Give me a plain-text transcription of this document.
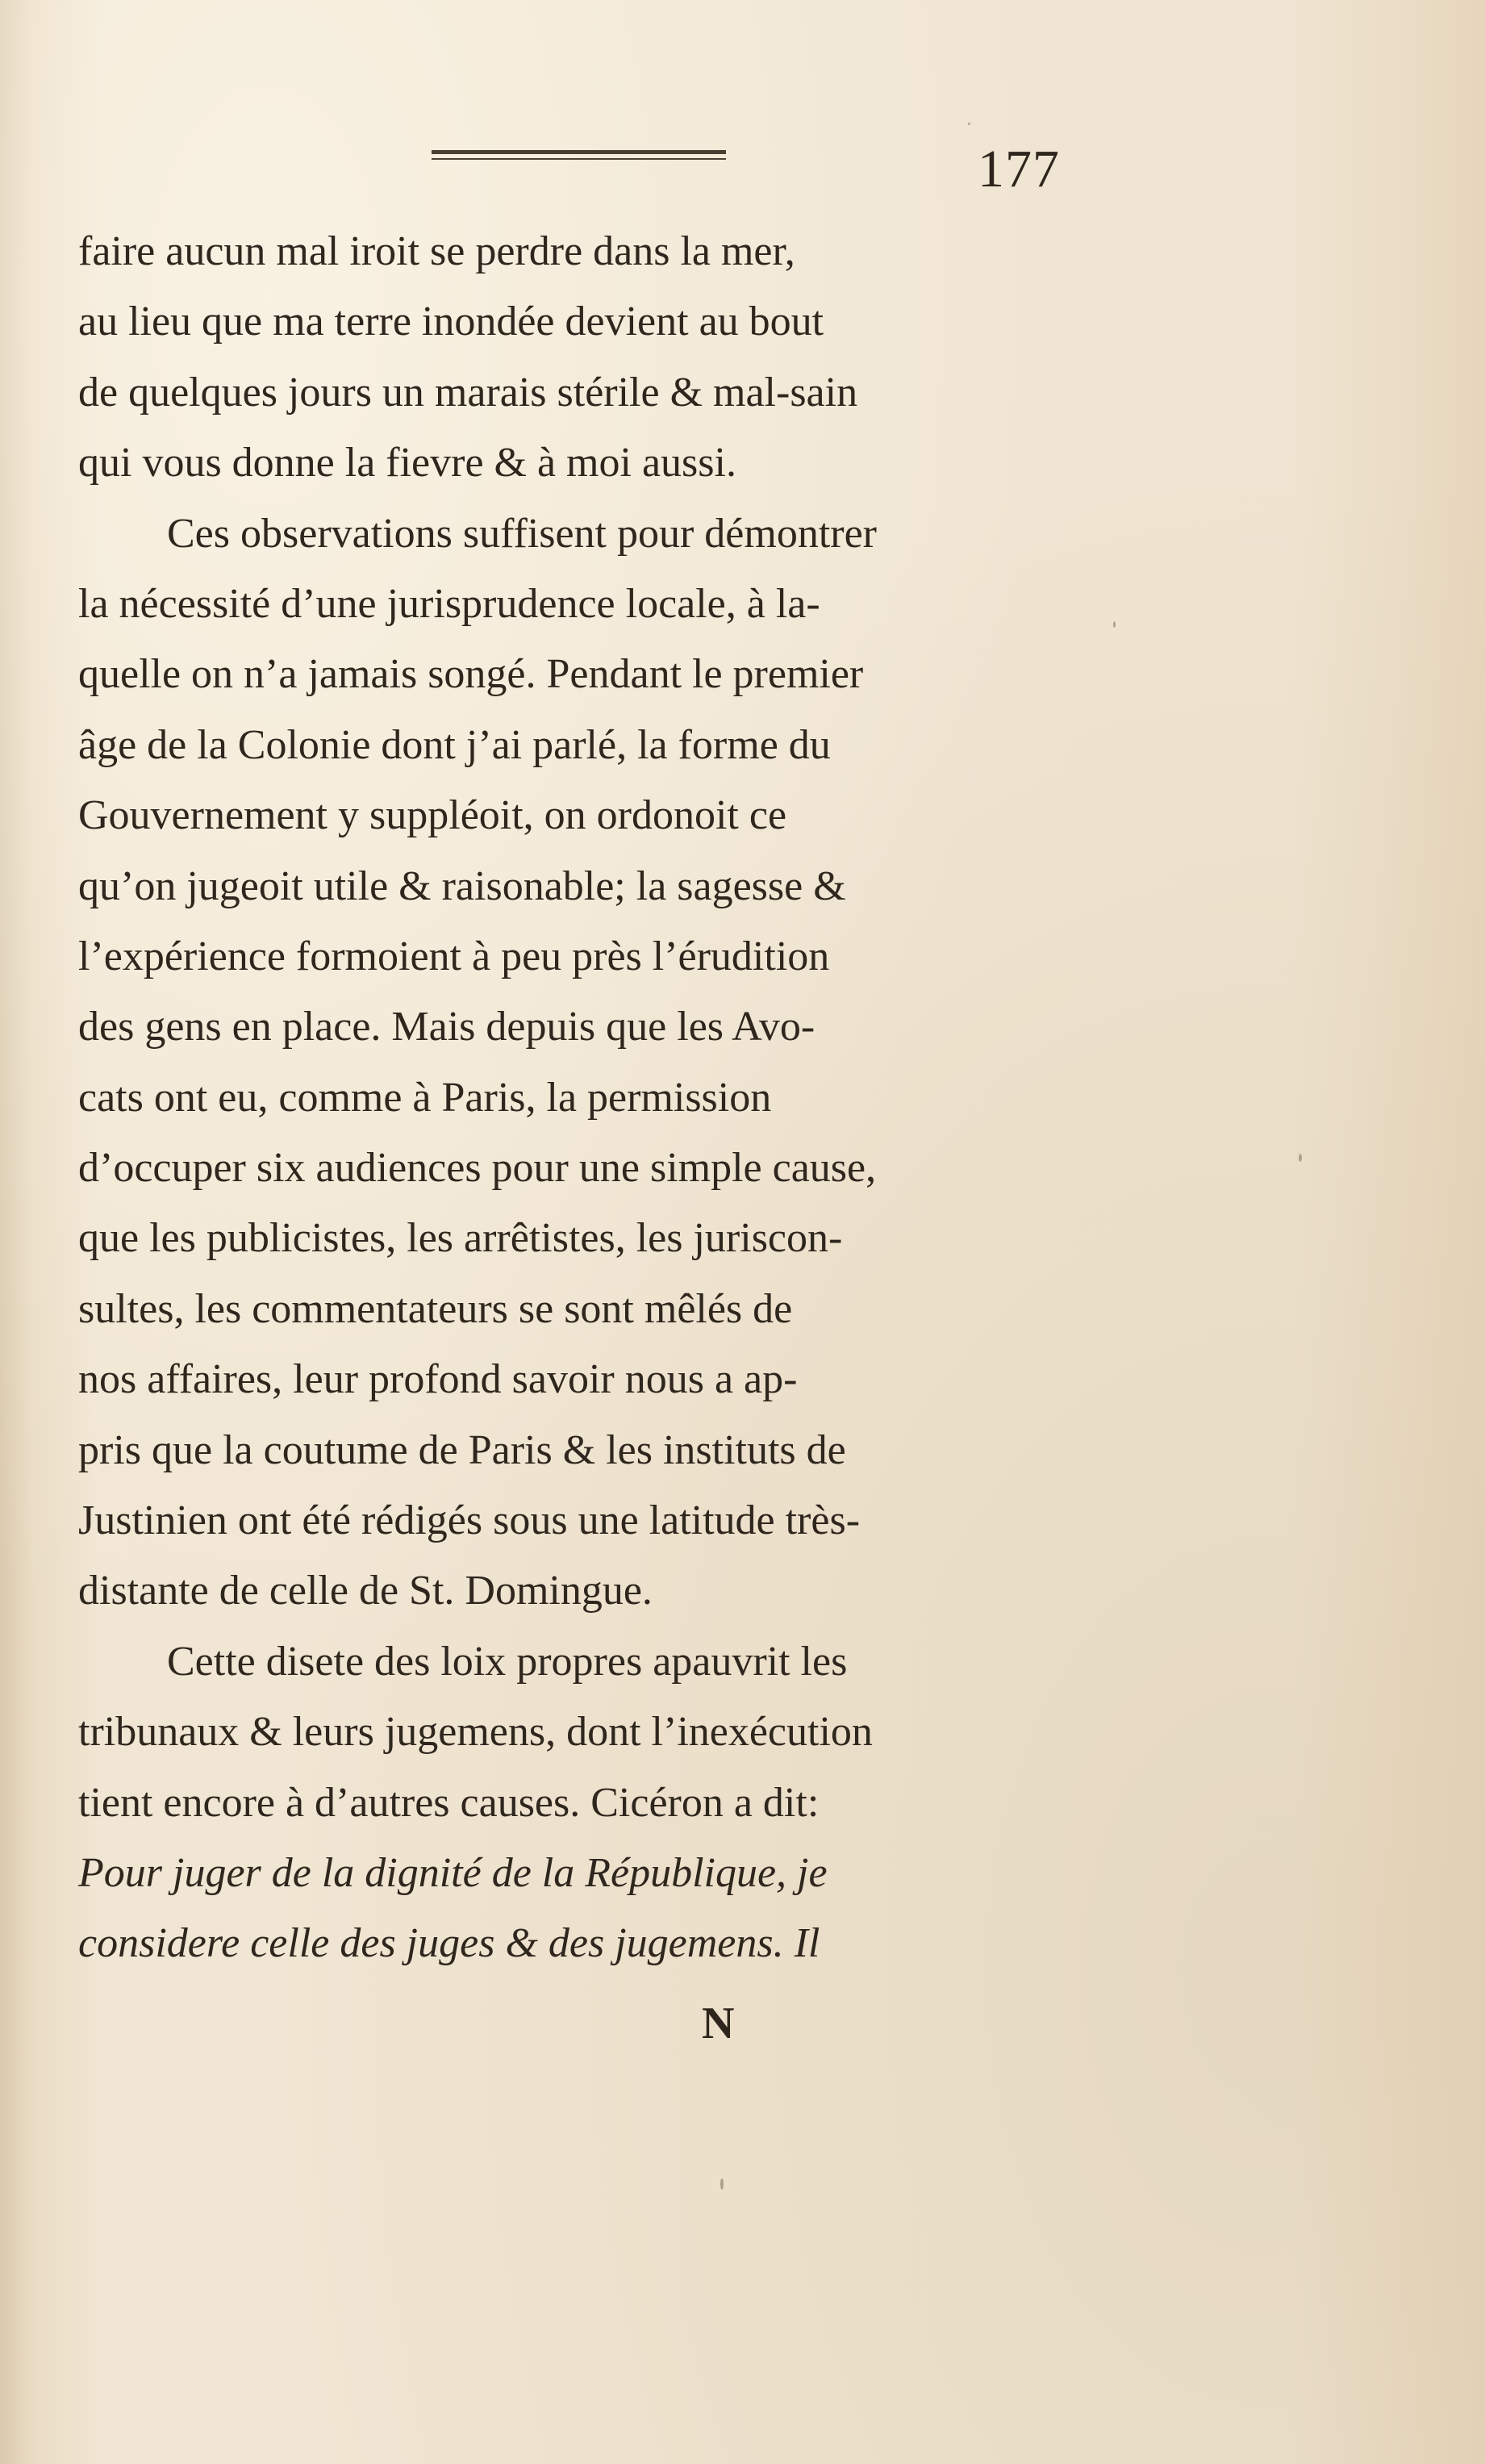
177
faire aucun mal iroit se perdre dans la mer,
au lieu que ma terre inondée devient au bout
de quelques jours un marais stérile & mal-sain
qui vous donne la fievre & à moi aussi.
Ces observations suffisent pour démontrer
la nécessité d’une jurisprudence locale, à la-
quelle on n’a jamais songé. Pendant le premier
âge de la Colonie dont j’ai parlé, la forme du
Gouvernement y suppléoit, on ordonoit ce
qu’on jugeoit utile & raisonable; la sagesse &
l’expérience formoient à peu près l’érudition
des gens en place. Mais depuis que les Avo-
cats ont eu, comme à Paris, la permission
d’occuper six audiences pour une simple cause,
que les publicistes, les arrêtistes, les juriscon-
sultes, les commentateurs se sont mêlés de
nos affaires, leur profond savoir nous a ap-
pris que la coutume de Paris & les instituts de
Justinien ont été rédigés sous une latitude très-
distante de celle de St. Domingue.
Cette disete des loix propres apauvrit les
tribunaux & leurs jugemens, dont l’inexécution
tient encore à d’autres causes. Cicéron a dit:
Pour juger de la dignité de la République, je
considere celle des juges & des jugemens. Il
N
